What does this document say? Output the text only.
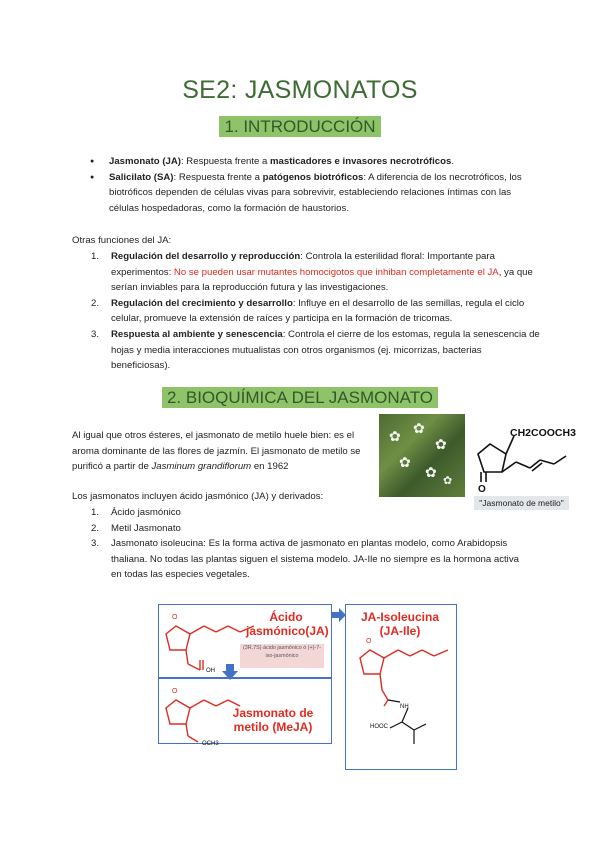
SE2: JASMONATOS
1. INTRODUCCIÓN
● Jasmonato (JA): Respuesta frente a masticadores e invasores necrotróficos.
● Salicilato (SA): Respuesta frente a patógenos biotróficos: A diferencia de los necrotróficos, los biotróficos dependen de células vivas para sobrevivir, estableciendo relaciones íntimas con las células hospedadoras, como la formación de haustorios.
Otras funciones del JA:
1. Regulación del desarrollo y reproducción: Controla la esterilidad floral: Importante para experimentos: No se pueden usar mutantes homocigotos que inhiban completamente el JA, ya que serían inviables para la reproducción futura y las investigaciones.
2. Regulación del crecimiento y desarrollo: Influye en el desarrollo de las semillas, regula el ciclo celular, promueve la extensión de raíces y participa en la formación de tricomas.
3. Respuesta al ambiente y senescencia: Controla el cierre de los estomas, regula la senescencia de hojas y media interacciones mutualistas con otros organismos (ej. micorrizas, bacterias beneficiosas).
2. BIOQUÍMICA DEL JASMONATO
Al igual que otros ésteres, el jasmonato de metilo huele bien: es el aroma dominante de las flores de jazmín. El jasmonato de metilo se purificó a partir de Jasminum grandiflorum en 1962
✿ ✿
✿
✿
✿
✿
CH2COOCH3
O
"Jasmonato de metilo"
Los jasmonatos incluyen ácido jasmónico (JA) y derivados:
1. Ácido jasmónico
2. Metil Jasmonato
3. Jasmonato isoleucina: Es la forma activa de jasmonato en plantas modelo, como Arabidopsis thaliana. No todas las plantas siguen el sistema modelo. JA-Ile no siempre es la hormona activa en todas las especies vegetales.
O
O
O
OH
OCH3
NH
HOOC
Ácido jasmónico(JA)
(3R,7S) ácido jasmónico ó (+)-7-iso-jasmónico
Jasmonato de metilo (MeJA)
JA-Isoleucina (JA-Ile)
